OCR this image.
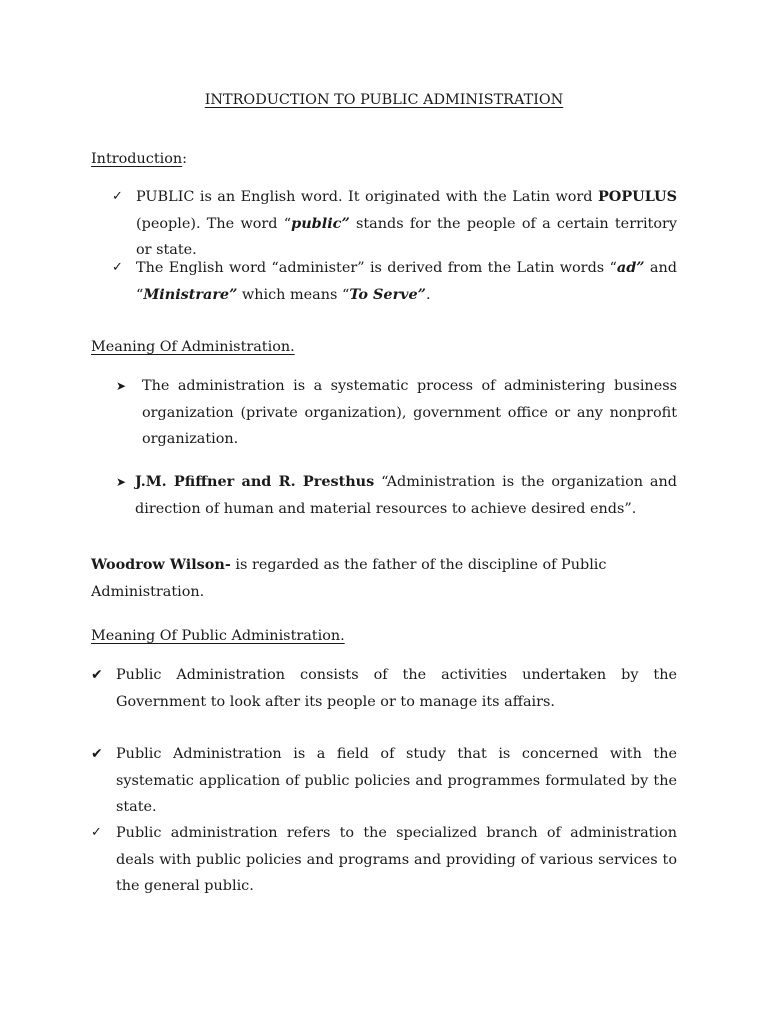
INTRODUCTION TO PUBLIC ADMINISTRATION
Introduction:
✓ PUBLIC is an English word. It originated with the Latin word POPULUS (people). The word “public” stands for the people of a certain territory or state.
✓ The English word “administer” is derived from the Latin words “ad” and “Ministrare” which means “To Serve”.
Meaning Of Administration.
➤	The administration is a systematic process of administering business organization (private organization), government office or any nonprofit organization.
➤ J.M. Pfiffner and R. Presthus “Administration is the organization and direction of human and material resources to achieve desired ends”.
Woodrow Wilson- is regarded as the father of the discipline of Public Administration.
Meaning Of Public Administration.
✔ Public Administration consists of the activities undertaken by the Government to look after its people or to manage its affairs.
✔ Public Administration is a field of study that is concerned with the systematic application of public policies and programmes formulated by the state.
✓ Public administration refers to the specialized branch of administration deals with public policies and programs and providing of various services to the general public.
